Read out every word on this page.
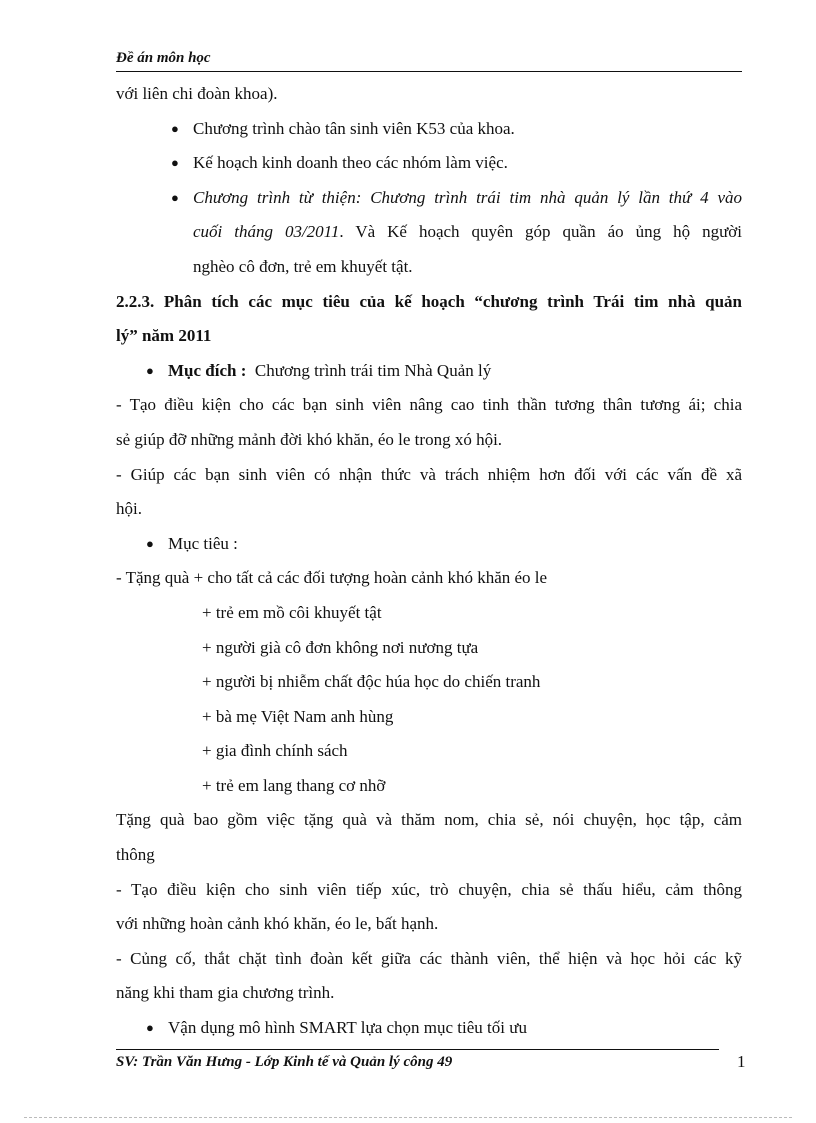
Đề án môn học
với liên chi đoàn khoa).
● Chương trình chào tân sinh viên K53 của khoa.
● Kế hoạch kinh doanh theo các nhóm làm việc.
● Chương trình từ thiện: Chương trình trái tim nhà quản lý lần thứ 4 vào
cuối tháng 03/2011. Và Kế hoạch quyên góp quần áo ủng hộ người
nghèo cô đơn, trẻ em khuyết tật.
2.2.3. Phân tích các mục tiêu của kế hoạch “chương trình Trái tim nhà quản
lý” năm 2011
● Mục đích :  Chương trình trái tim Nhà Quản lý
- Tạo điều kiện cho các bạn sinh viên nâng cao tinh thần tương thân tương ái; chia
sẻ giúp đỡ những mảnh đời khó khăn, éo le trong xó hội.
- Giúp các bạn sinh viên có nhận thức và trách nhiệm hơn đối với các vấn đề xã
hội.
● Mục tiêu :
- Tặng quà + cho tất cả các đối tượng hoàn cảnh khó khăn éo le
+ trẻ em mồ côi khuyết tật
+ người già cô đơn không nơi nương tựa
+ người bị nhiễm chất độc húa học do chiến tranh
+ bà mẹ Việt Nam anh hùng
+ gia đình chính sách
+ trẻ em lang thang cơ nhỡ
Tặng quà bao gồm việc tặng quà và thăm nom, chia sẻ, nói chuyện, học tập, cảm
thông
- Tạo điều kiện cho sinh viên tiếp xúc, trò chuyện, chia sẻ thấu hiểu, cảm thông
với những hoàn cảnh khó khăn, éo le, bất hạnh.
- Củng cố, thắt chặt tình đoàn kết giữa các thành viên, thể hiện và học hỏi các kỹ
năng khi tham gia chương trình.
● Vận dụng mô hình SMART lựa chọn mục tiêu tối ưu
SV: Trần Văn Hưng - Lớp Kinh tế và Quản lý công 49	1
